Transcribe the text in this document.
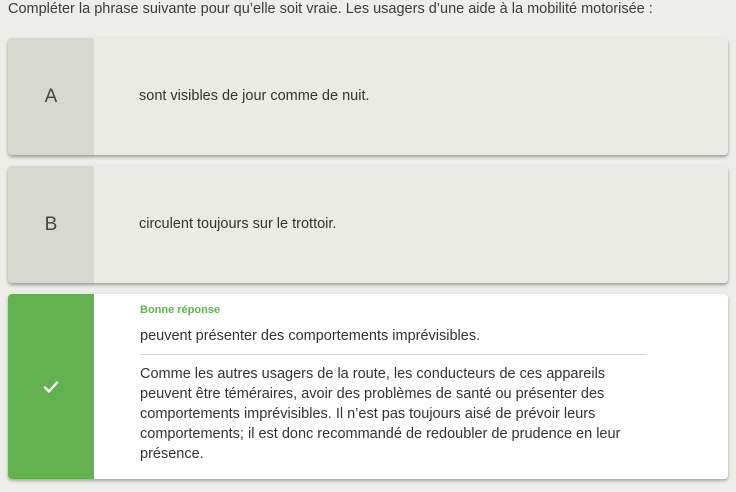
Compléter la phrase suivante pour qu’elle soit vraie. Les usagers d’une aide à la mobilité motorisée :
A	sont visibles de jour comme de nuit.
B	circulent toujours sur le trottoir.
Bonne réponse
peuvent présenter des comportements imprévisibles.
Comme les autres usagers de la route, les conducteurs de ces appareils peuvent être téméraires, avoir des problèmes de santé ou présenter des comportements imprévisibles. Il n’est pas toujours aisé de prévoir leurs comportements; il est donc recommandé de redoubler de prudence en leur présence.
